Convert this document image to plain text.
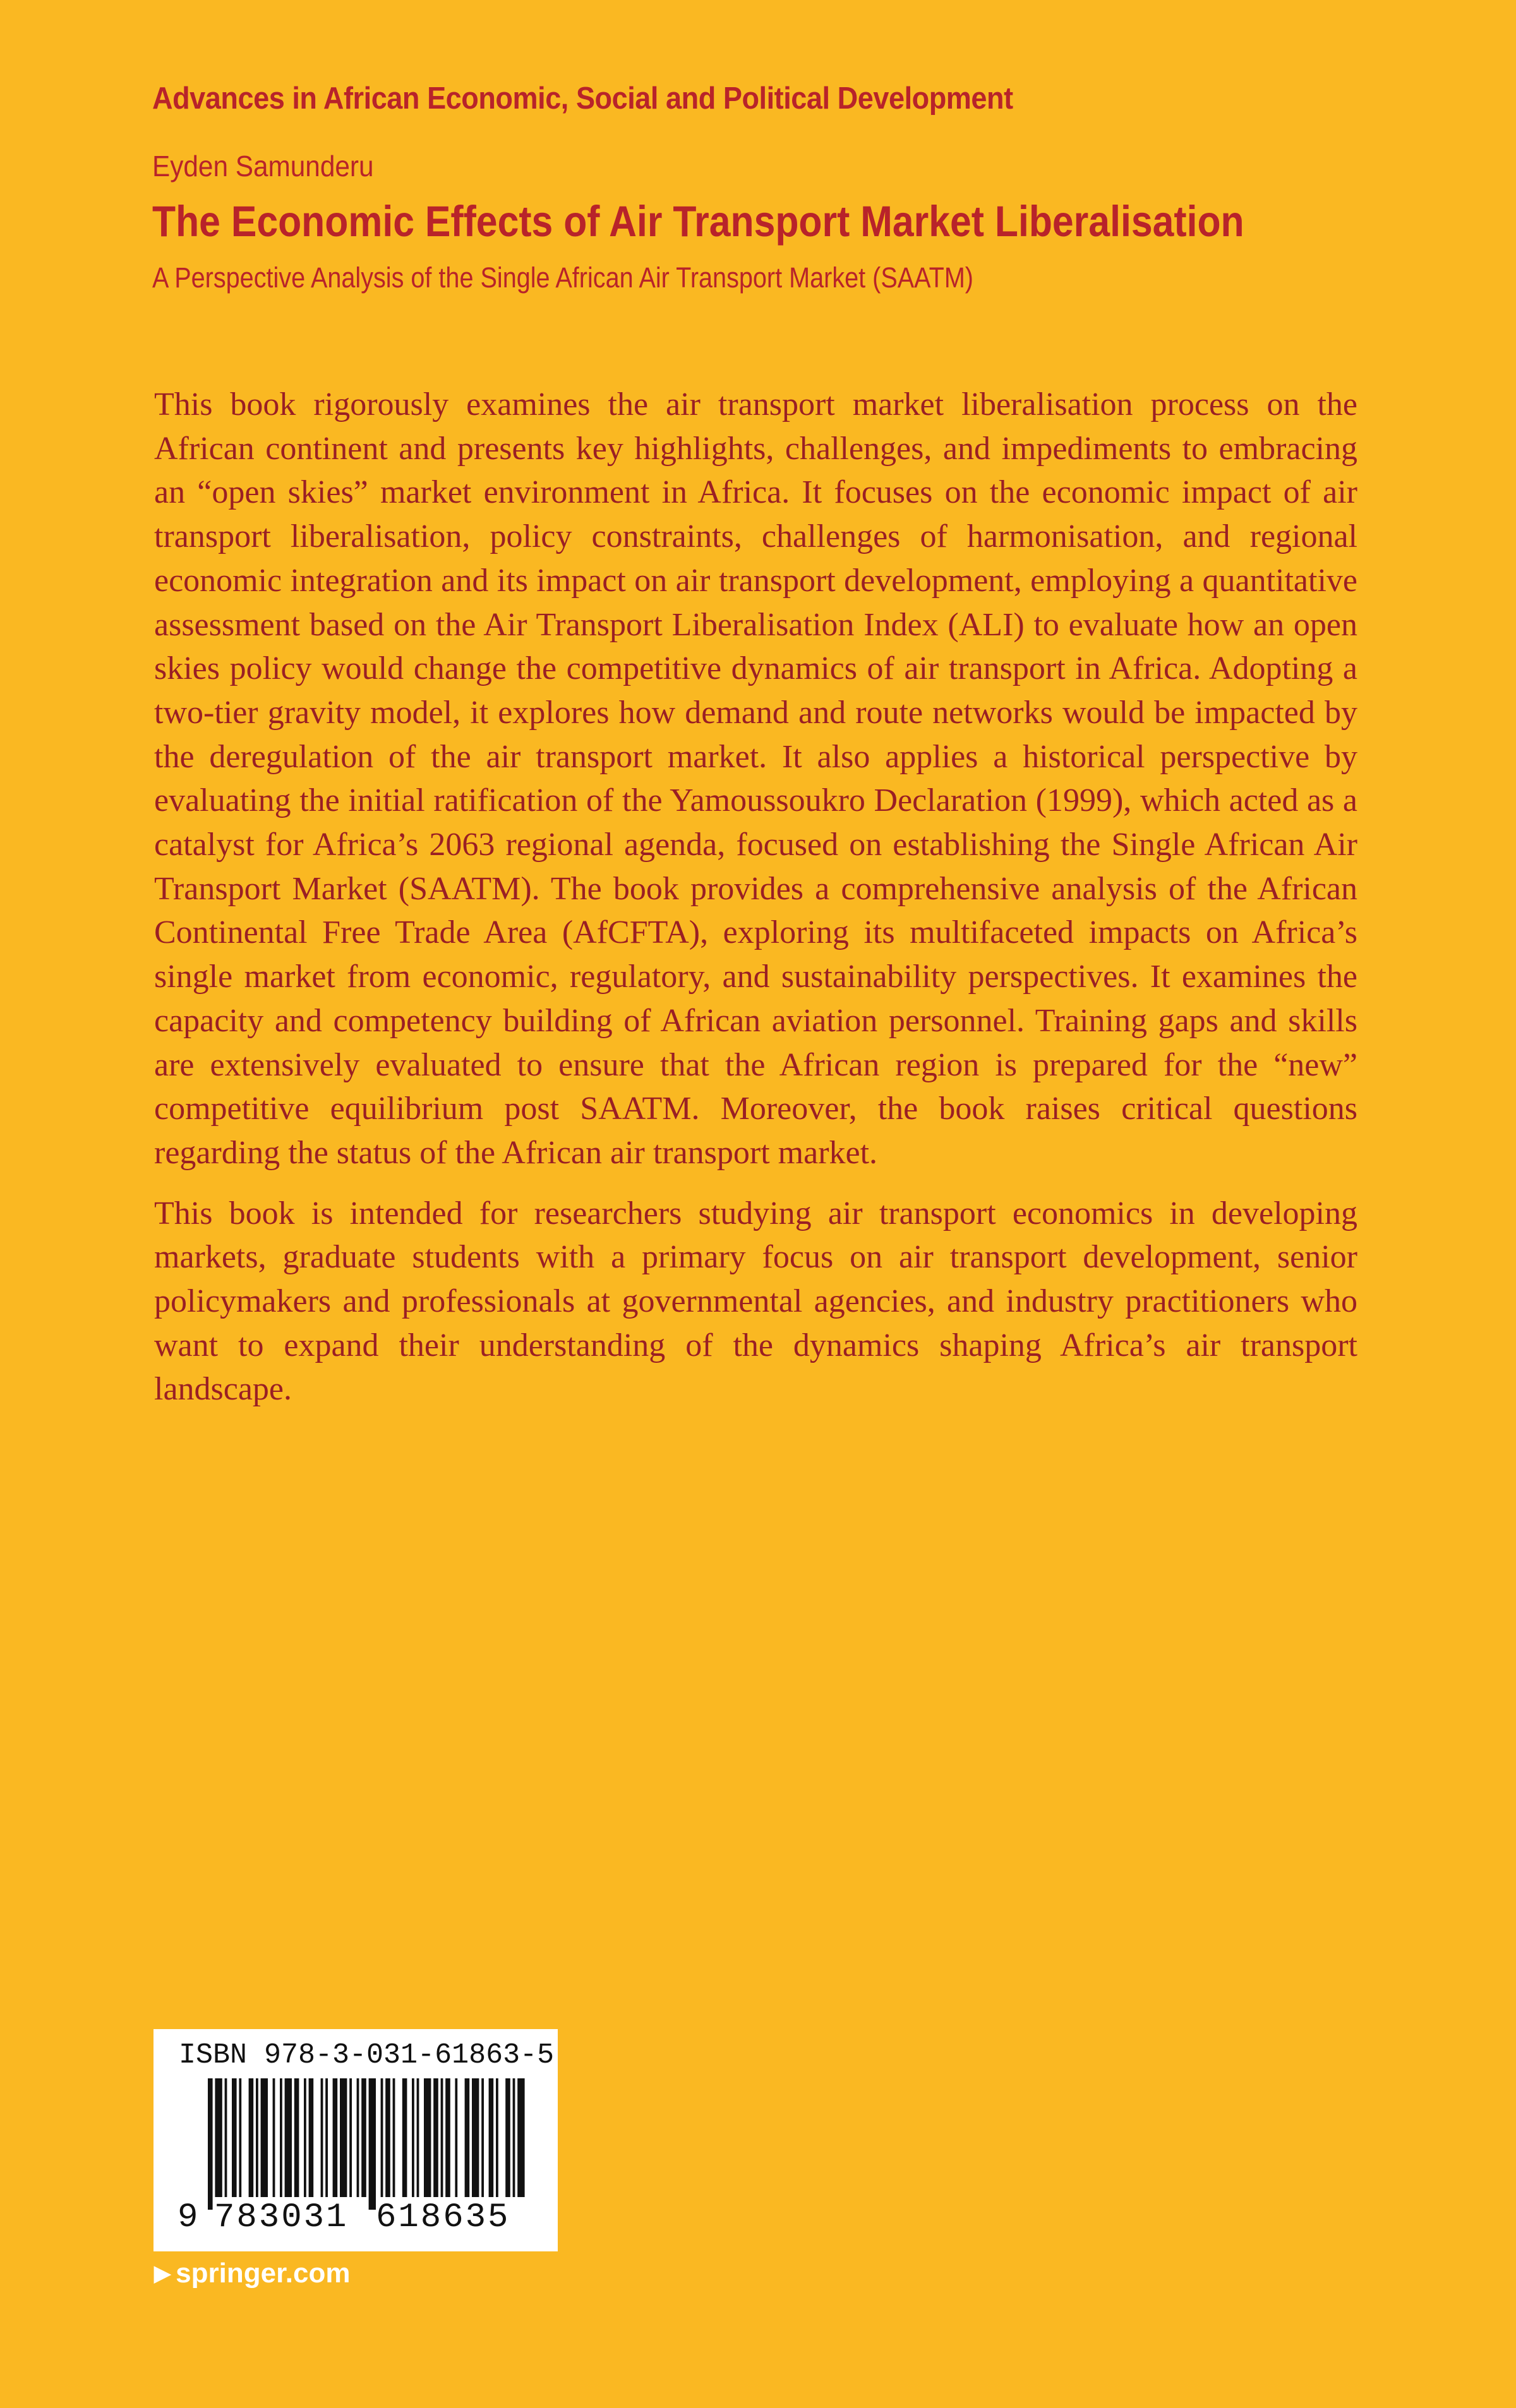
Advances in African Economic, Social and Political Development
Eyden Samunderu
The Economic Effects of Air Transport Market Liberalisation
A Perspective Analysis of the Single African Air Transport Market (SAATM)

This book rigorously examines the air transport market liberalisation process on the African continent and presents key highlights, challenges, and impediments to embracing an “open skies” market environment in Africa. It focuses on the economic impact of air transport liberalisation, policy constraints, challenges of harmonisation, and regional economic integration and its impact on air transport development, employing a quantitative assessment based on the Air Transport Liberalisation Index (ALI) to evaluate how an open skies policy would change the competitive dynamics of air transport in Africa. Adopting a two-tier gravity model, it explores how demand and route networks would be impacted by the deregulation of the air transport market. It also applies a historical perspective by evaluating the initial ratification of the Yamoussoukro Declaration (1999), which acted as a catalyst for Africa’s 2063 regional agenda, focused on establishing the Single African Air Transport Market (SAATM). The book provides a comprehensive analysis of the African Continental Free Trade Area (AfCFTA), exploring its multifaceted impacts on Africa’s single market from economic, regulatory, and sustainability perspectives. It examines the capacity and competency building of African aviation personnel. Training gaps and skills are extensively evaluated to ensure that the African region is prepared for the “new” competitive equilibrium post SAATM. Moreover, the book raises critical questions regarding the status of the African air transport market.

This book is intended for researchers studying air transport economics in developing markets, graduate students with a primary focus on air transport development, senior policymakers and professionals at governmental agencies, and industry practitioners who want to expand their understanding of the dynamics shaping Africa’s air transport landscape.

ISBN 978-3-031-61863-5
9 783031 618635
▶ springer.com
